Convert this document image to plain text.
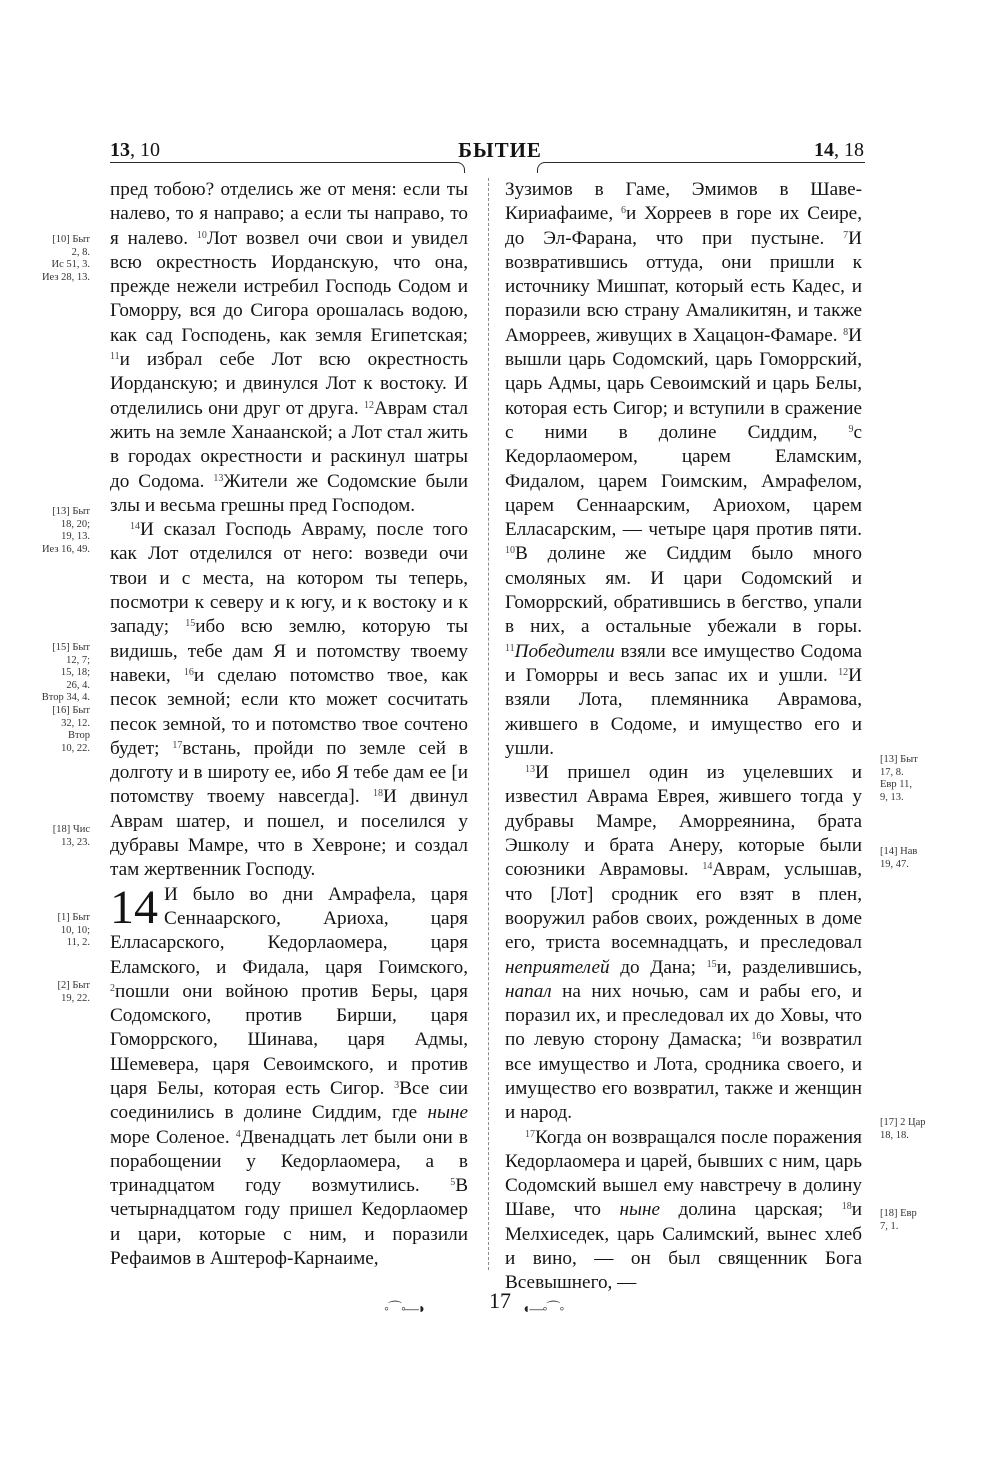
13, 10	БЫТИЕ	14, 18

пред тобою? отделись же от меня: если ты налево, то я направо; а если ты направо, то я налево. $^{10}$Лот возвел очи свои и увидел всю окрестность Иорданскую, что она, прежде нежели истребил Господь Содом и Гоморру, вся до Сигора орошалась водою, как сад Господень, как земля Египетская; $^{11}$и избрал себе Лот всю окрестность Иорданскую; и двинулся Лот к востоку. И отделились они друг от друга. $^{12}$Аврам стал жить на земле Ханаанской; а Лот стал жить в городах окрестности и раскинул шатры до Содома. $^{13}$Жители же Содомские были злы и весьма грешны пред Господом.

$^{14}$И сказал Господь Авраму, после того как Лот отделился от него: возведи очи твои и с места, на котором ты теперь, посмотри к северу и к югу, и к востоку и к западу; $^{15}$ибо всю землю, которую ты видишь, тебе дам Я и потомству твоему навеки, $^{16}$и сделаю потомство твое, как песок земной; если кто может сосчитать песок земной, то и потомство твое сочтено будет; $^{17}$встань, пройди по земле сей в долготу и в широту ее, ибо Я тебе дам ее [и потомству твоему навсегда]. $^{18}$И двинул Аврам шатер, и пошел, и поселился у дубравы Мамре, что в Хевроне; и создал там жертвенник Господу.

14 И было во дни Амрафела, царя Сеннаарского, Ариоха, царя Елласарского, Кедорлаомера, царя Еламского, и Фидала, царя Гоимского, $^2$пошли они войною против Беры, царя Содомского, против Бирши, царя Гоморрского, Шинава, царя Адмы, Шемевера, царя Севоимского, и против царя Белы, которая есть Сигор. $^3$Все сии соединились в долине Сиддим, где ныне море Соленое. $^4$Двенадцать лет были они в порабощении у Кедорлаомера, а в тринадцатом году возмутились.	$^5$В четырнадцатом году пришел Кедорлаомер и цари, которые с ним, и поразили Рефаимов в Аштероф-Карнаиме,

Зузимов в Гаме, Эмимов в Шаве-Кириафаиме, $^6$и Хорреев в горе их Сеире, до Эл-Фарана, что при пустыне. $^7$И возвратившись оттуда, они пришли к источнику Мишпат, который есть Кадес, и поразили всю страну Амаликитян, и также Аморреев, живущих в Хацацон-Фамаре. $^8$И вышли царь Содомский, царь Гоморрский, царь Адмы, царь Севоимский и царь Белы, которая есть Сигор; и вступили в сражение с ними в долине Сиддим,	$^9$с Кедорлаомером, царем Еламским, Фидалом, царем Гоимским, Амрафелом, царем Сеннаарским, Ариохом, царем Елласарским, — четыре царя против пяти. $^{10}$В долине же Сиддим было много смоляных ям. И цари Содомский и Гоморрский, обратившись в бегство, упали в них, а остальные убежали в горы. $^{11}$Победители взяли все имущество Содома и Гоморры и весь запас их и ушли. $^{12}$И взяли Лота, племянника Аврамова, жившего в Содоме, и имущество его и ушли.

$^{13}$И пришел один из уцелевших и известил Аврама Еврея, жившего тогда у дубравы Мамре, Аморреянина, брата Эшколу и брата Анеру, которые были союзники Аврамовы. $^{14}$Аврам, услышав, что [Лот] сродник его взят в плен, вооружил рабов своих, рожденных в доме его, триста восемнадцать, и преследовал неприятелей до Дана; $^{15}$и, разделившись, напал на них ночью, сам и рабы его, и поразил их, и преследовал их до Ховы, что по левую сторону Дамаска; $^{16}$и возвратил все имущество и Лота, сродника своего, и имущество его возвратил, также и женщин и народ.

$^{17}$Когда он возвращался после поражения Кедорлаомера и царей, бывших с ним, царь Содомский вышел ему навстречу в долину Шаве, что ныне долина царская; $^{18}$и Мелхиседек, царь Салимский, вынес хлеб и вино, — он был священник Бога Всевышнего, —

[10] Быт
2, 8.
Ис 51, 3.
Иез 28, 13.
[13] Быт
18, 20;
19, 13.
Иез 16, 49.
[15] Быт
12, 7;
15, 18;
26, 4.
Втор 34, 4.
[16] Быт
32, 12.
Втор
10, 22.
[18] Чис
13, 23.
[1] Быт
10, 10;
11, 2.
[2] Быт
19, 22.
[13] Быт
17, 8.
Евр 11,
9, 13.
[14] Нав
19, 47.
[17] 2 Цар
18, 18.
[18] Евр
7, 1.
◦⌒◦—◗	17 ◖—◦⌒◦
